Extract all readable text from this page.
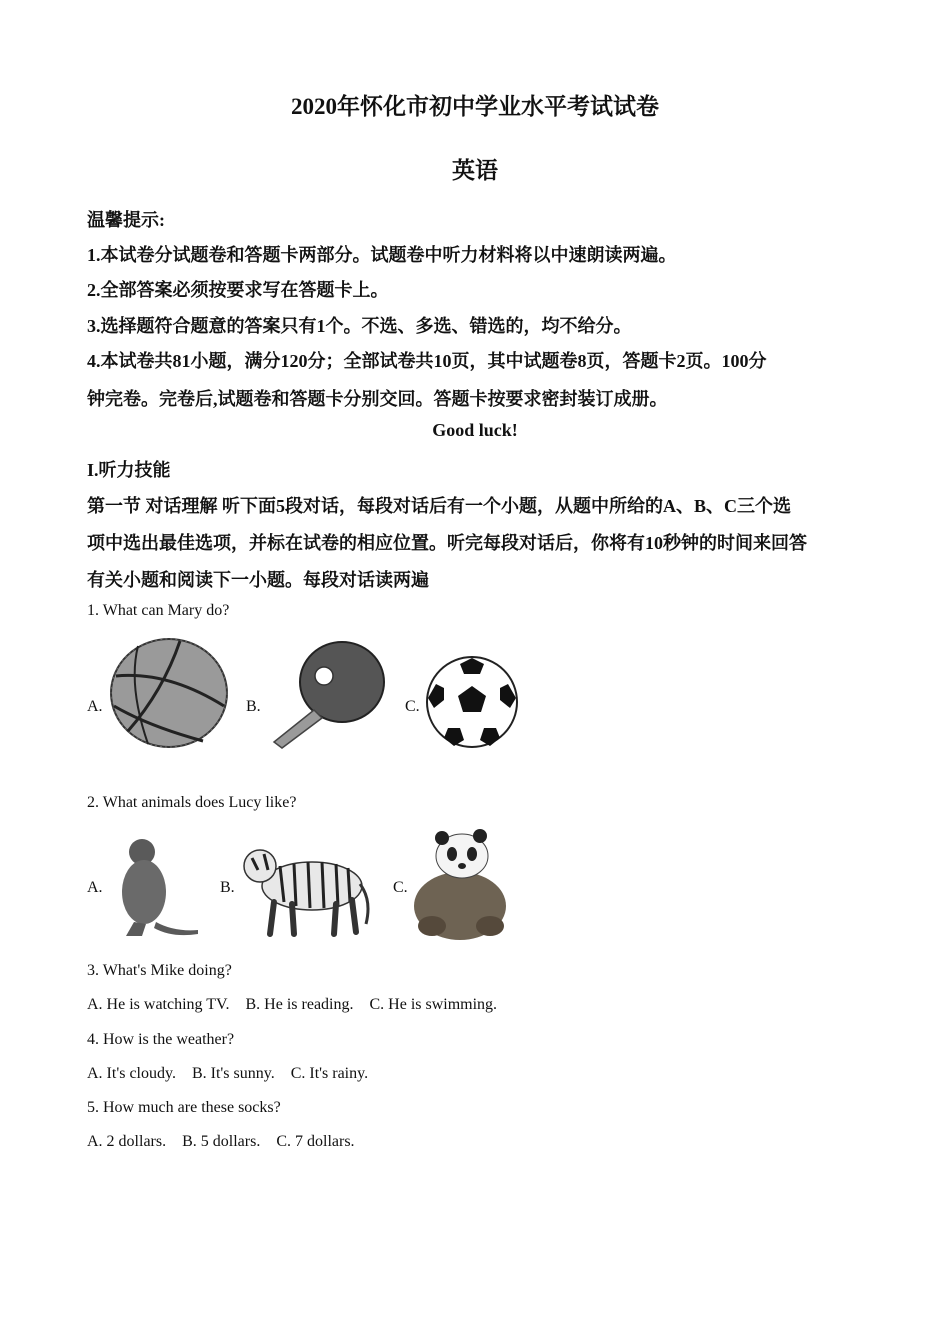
2020年怀化市初中学业水平考试试卷
英语
温馨提示:
1.本试卷分试题卷和答题卡两部分。试题卷中听力材料将以中速朗读两遍。
2.全部答案必须按要求写在答题卡上。
3.选择题符合题意的答案只有1个。不选、多选、错选的，均不给分。
4.本试卷共81小题，满分120分；全部试卷共10页，其中试题卷8页，答题卡2页。100分
钟完卷。完卷后,试题卷和答题卡分别交回。答题卡按要求密封装订成册。
Good luck!
I.听力技能
第一节 对话理解 听下面5段对话，每段对话后有一个小题，从题中所给的A、B、C三个选
项中选出最佳选项，并标在试卷的相应位置。听完每段对话后，你将有10秒钟的时间来回答
有关小题和阅读下一小题。每段对话读两遍
1. What can Mary do?
A.	B.	C.
2. What animals does Lucy like?
A.	B.	C.
3. What's Mike doing?
A. He is watching TV.    B. He is reading.    C. He is swimming.
4. How is the weather?
A. It's cloudy.    B. It's sunny.    C. It's rainy.
5. How much are these socks?
A. 2 dollars.    B. 5 dollars.    C. 7 dollars.
